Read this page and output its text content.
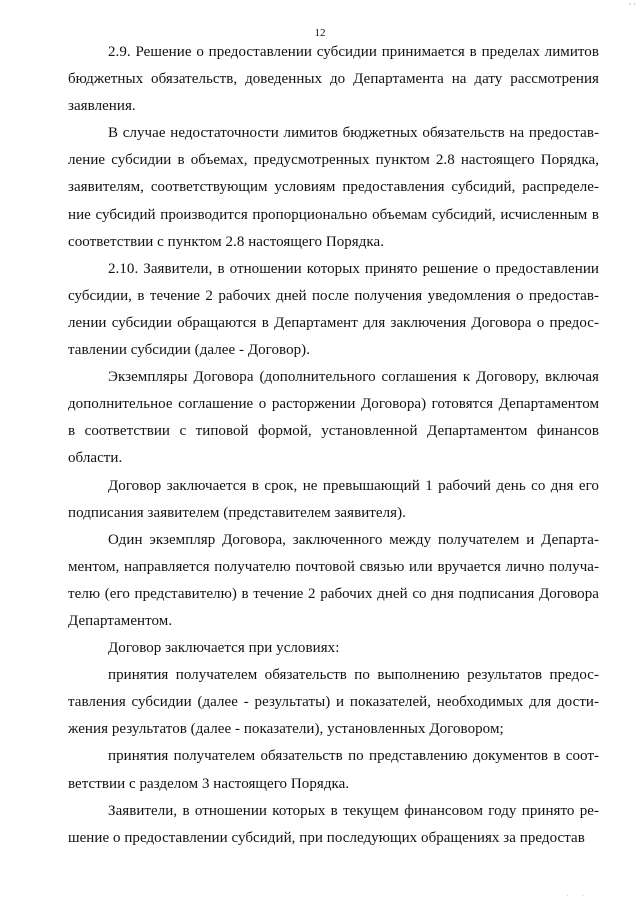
· ·
12

2.9. Решение о предоставлении субсидии принимается в пределах лимитов бюджетных обязательств, доведенных до Департамента на дату рассмотрения заявления.

В случае недостаточности лимитов бюджетных обязательств на предоставление субсидии в объемах, предусмотренных пунктом 2.8 настоящего Порядка, заявителям, соответствующим условиям предоставления субсидий, распределение субсидий производится пропорционально объемам субсидий, исчисленным в соответствии с пунктом 2.8 настоящего Порядка.

2.10. Заявители, в отношении которых принято решение о предоставлении субсидии, в течение 2 рабочих дней после получения уведомления о предоставлении субсидии обращаются в Департамент для заключения Договора о предоставлении субсидии (далее - Договор).

Экземпляры Договора (дополнительного соглашения к Договору, включая дополнительное соглашение о расторжении Договора) готовятся Департаментом в соответствии с типовой формой, установленной Департаментом финансов области.

Договор заключается в срок, не превышающий 1 рабочий день со дня его подписания заявителем (представителем заявителя).

Один экземпляр Договора, заключенного между получателем и Департаментом, направляется получателю почтовой связью или вручается лично получателю (его представителю) в течение 2 рабочих дней со дня подписания Договора Департаментом.

Договор заключается при условиях:

принятия получателем обязательств по выполнению результатов предоставления субсидии (далее - результаты) и показателей, необходимых для достижения результатов (далее - показатели), установленных Договором;

принятия получателем обязательств по представлению документов в соответствии с разделом 3 настоящего Порядка.

Заявители, в отношении которых в текущем финансовом году принято решение о предоставлении субсидий, при последующих обращениях за предостав

· ·
